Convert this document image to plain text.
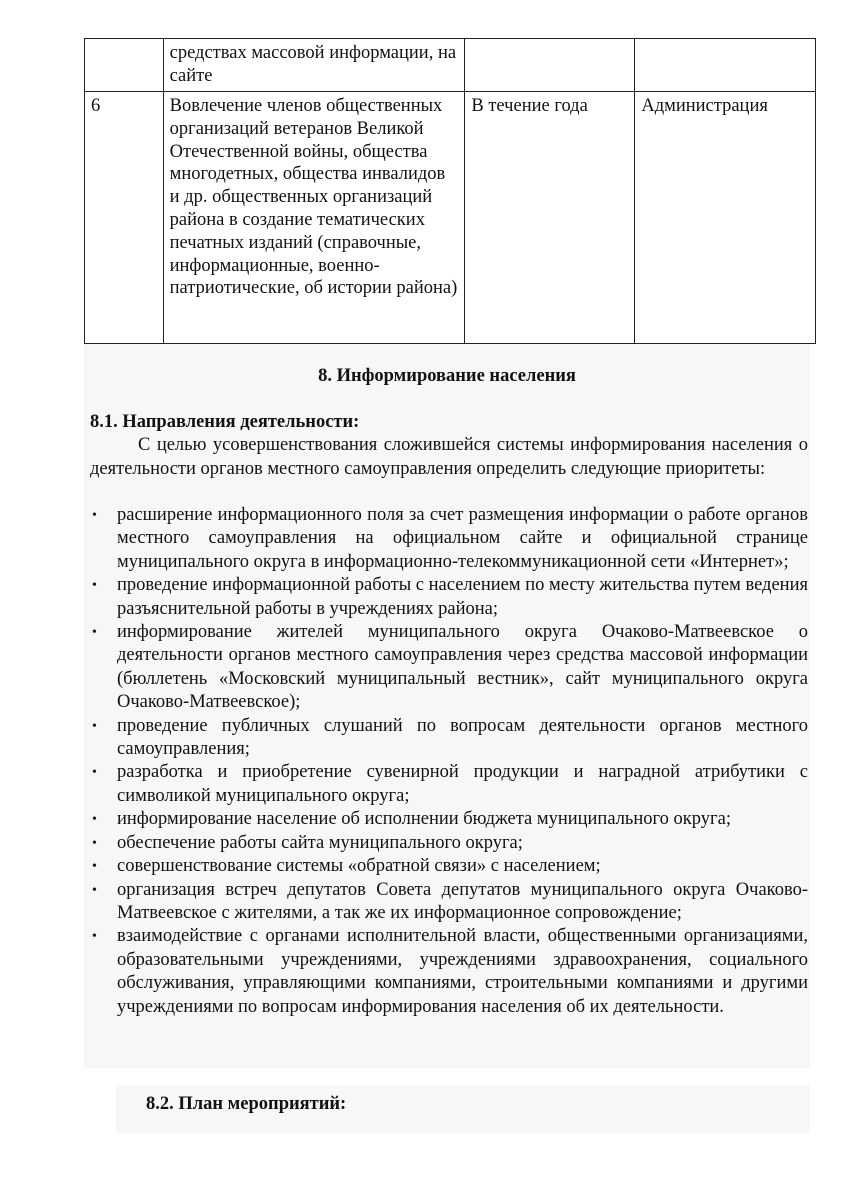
	средствах массовой информации, на сайте		
6	Вовлечение членов общественных организаций ветеранов Великой Отечественной войны, общества многодетных, общества инвалидов и др. общественных организаций района в создание тематических печатных изданий (справочные, информационные, военно-патриотические, об истории района)	В течение года	Администрация
8. Информирование населения
8.1. Направления деятельности:

С целью усовершенствования сложившейся системы информирования населения о деятельности органов местного самоуправления определить следующие приоритеты:

• расширение информационного поля за счет размещения информации о работе органов местного самоуправления на официальном сайте и официальной странице муниципального округа в информационно-телекоммуникационной сети «Интернет»;
• проведение информационной работы с населением по месту жительства путем ведения разъяснительной работы в учреждениях района;
• информирование жителей муниципального округа Очаково-Матвеевское о деятельности органов местного самоуправления через средства массовой информации (бюллетень «Московский муниципальный вестник», сайт муниципального округа Очаково-Матвеевское);
• проведение публичных слушаний по вопросам деятельности органов местного самоуправления;
• разработка и приобретение сувенирной продукции и наградной атрибутики с символикой муниципального округа;
• информирование население об исполнении бюджета муниципального округа;
• обеспечение работы сайта муниципального округа;
• совершенствование системы «обратной связи» с населением;
• организация встреч депутатов Совета депутатов муниципального округа Очаково-Матвеевское с жителями, а так же их информационное сопровождение;
• взаимодействие с органами исполнительной власти, общественными организациями, образовательными учреждениями, учреждениями здравоохранения, социального обслуживания, управляющими компаниями, строительными компаниями и другими учреждениями по вопросам информирования населения об их деятельности.
8.2. План мероприятий:
